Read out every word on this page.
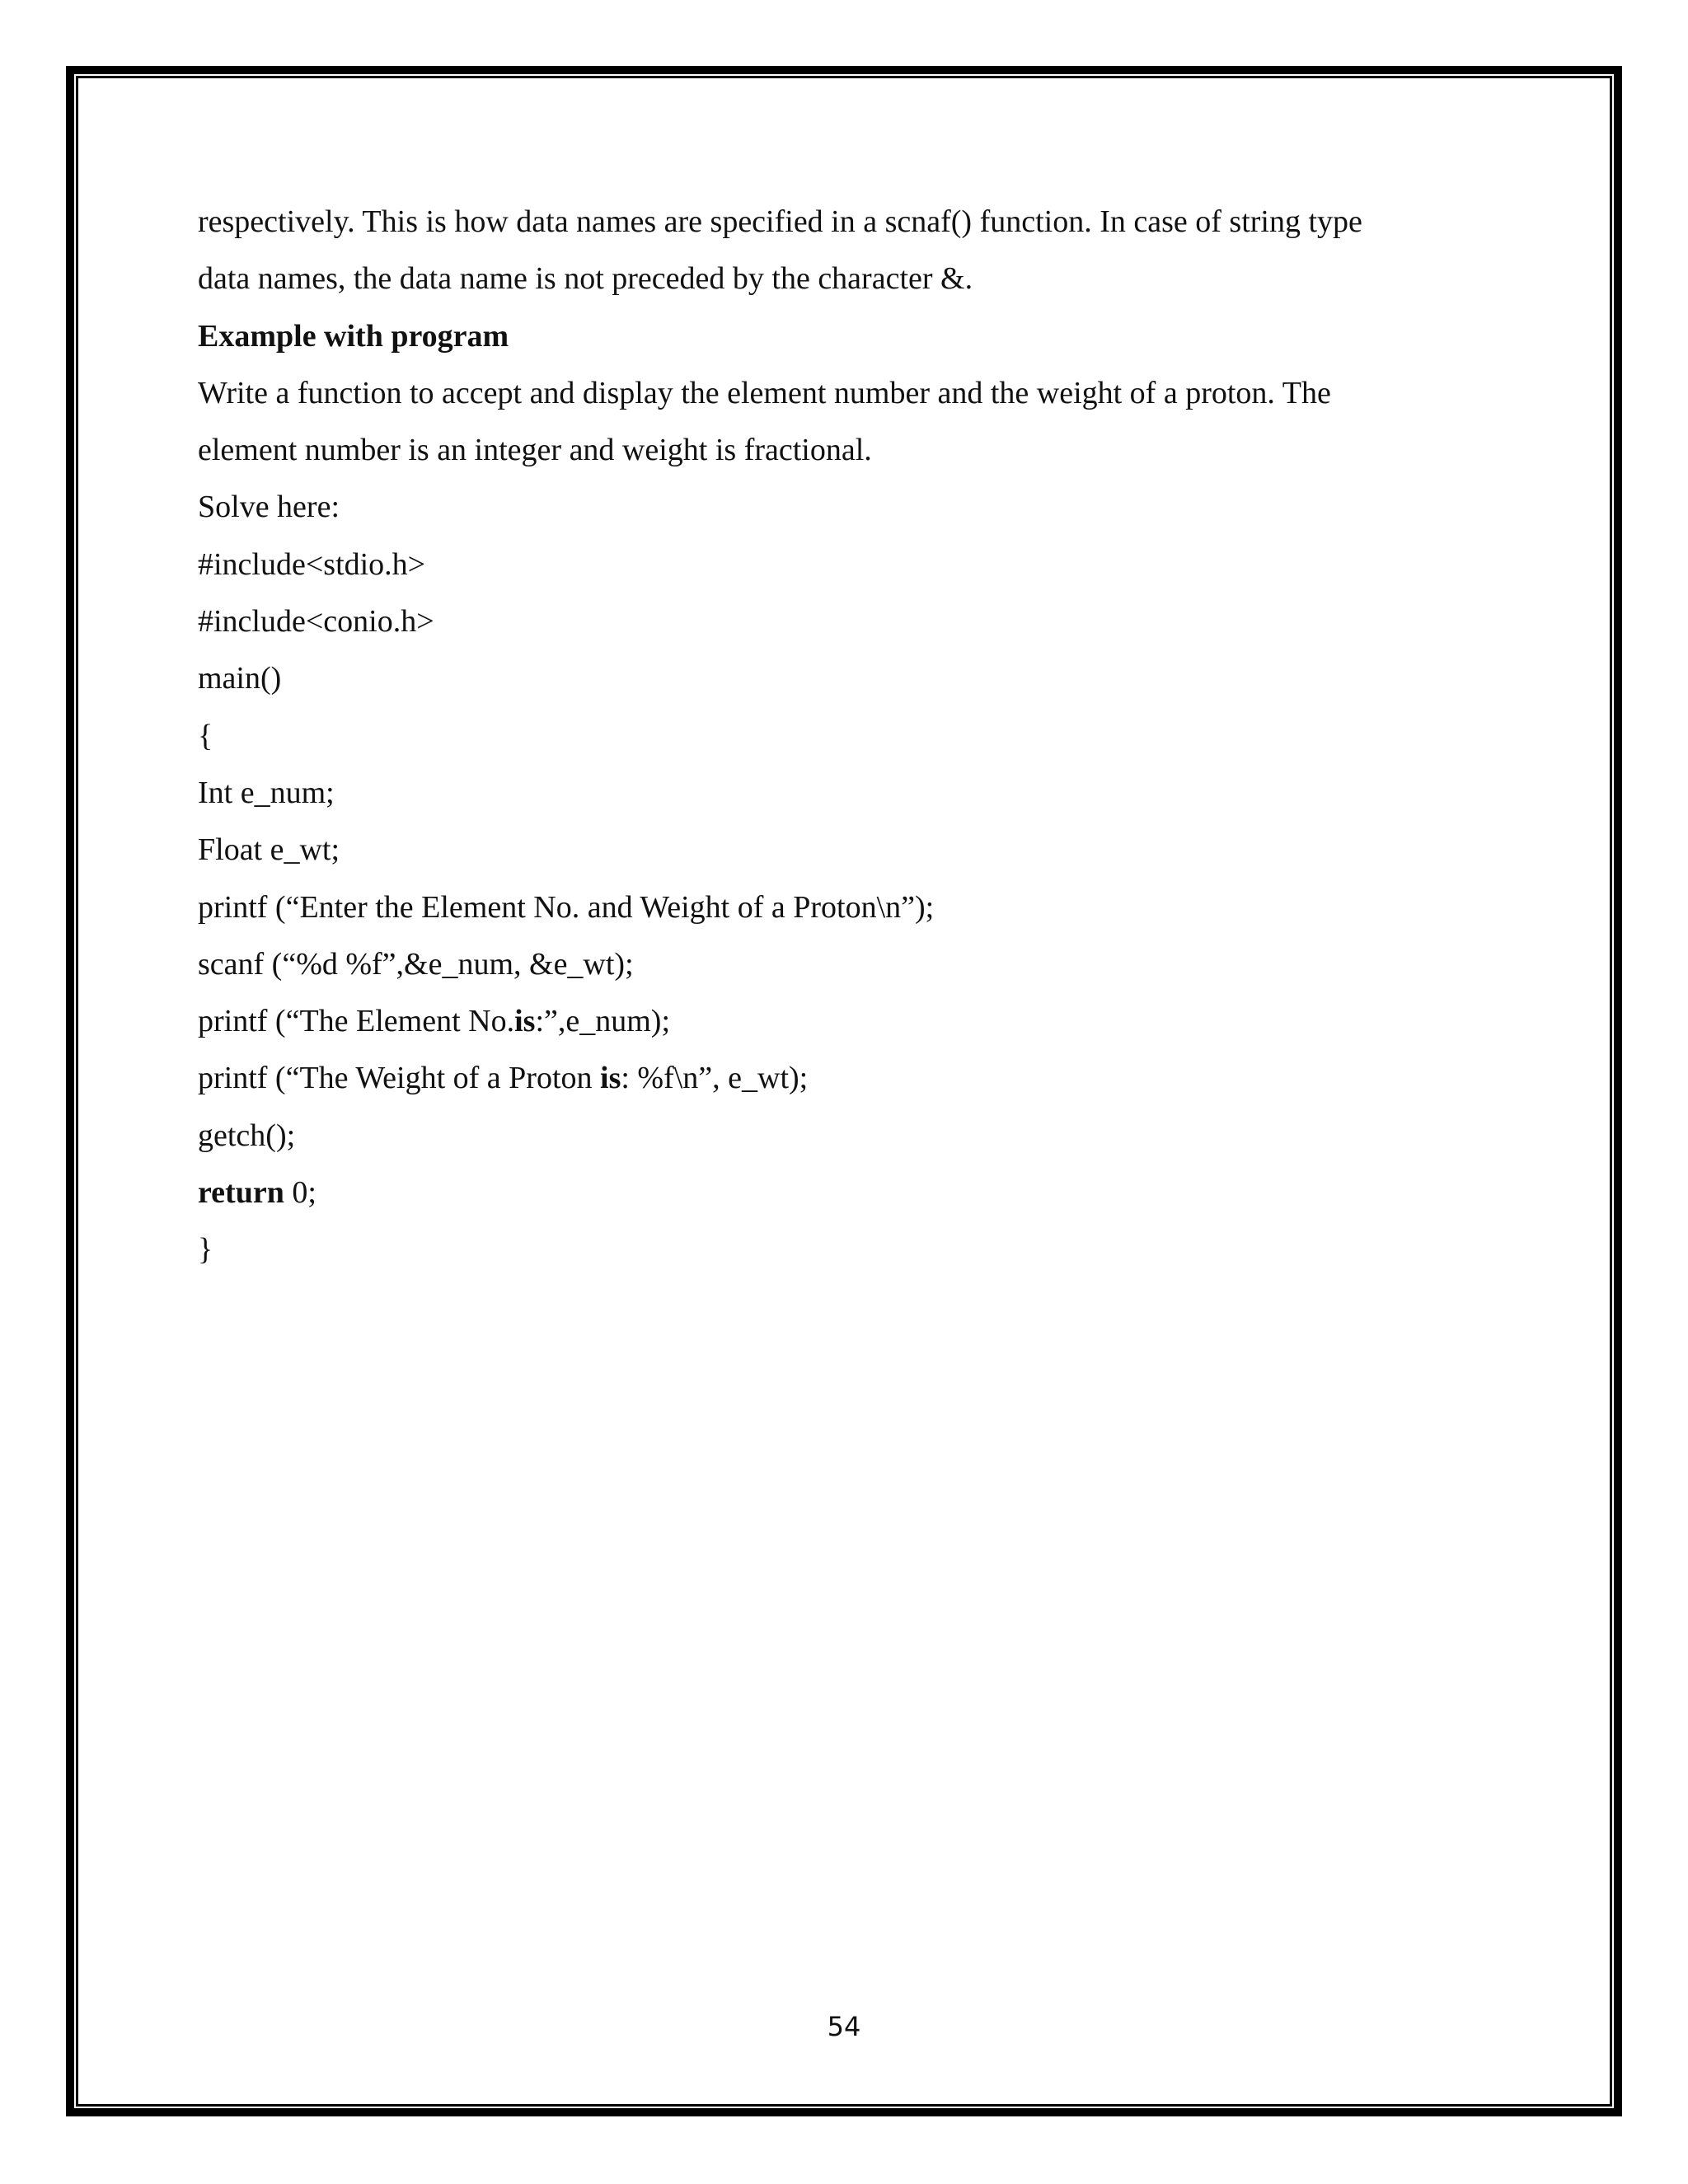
respectively. This is how data names are specified in a scnaf() function. In case of string type

data names, the data name is not preceded by the character &.

Example with program

Write a function to accept and display the element number and the weight of a proton. The

element number is an integer and weight is fractional.

Solve here:

#include<stdio.h>

#include<conio.h>

main()

{

Int e_num;

Float e_wt;

printf (“Enter the Element No. and Weight of a Proton\n”);

scanf (“%d %f”,&e_num, &e_wt);

printf (“The Element No.is:”,e_num);

printf (“The Weight of a Proton is: %f\n”, e_wt);

getch();

return 0;

}

54
